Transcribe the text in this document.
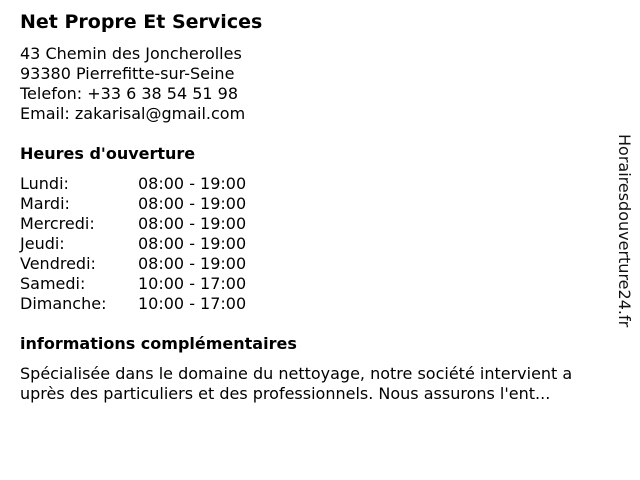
Net Propre Et Services
43 Chemin des Joncherolles
93380 Pierrefitte-sur-Seine
Telefon: +33 6 38 54 51 98
Email: zakarisal@gmail.com
Heures d'ouverture
Lundi:	08:00 - 19:00
Mardi:	08:00 - 19:00
Mercredi:	08:00 - 19:00
Jeudi:	08:00 - 19:00
Vendredi:	08:00 - 19:00
Samedi:	10:00 - 17:00
Dimanche:	10:00 - 17:00
informations complémentaires
Spécialisée dans le domaine du nettoyage, notre société intervient a
uprès des particuliers et des professionnels. Nous assurons l'ent...
Horairesdouverture24.fr
